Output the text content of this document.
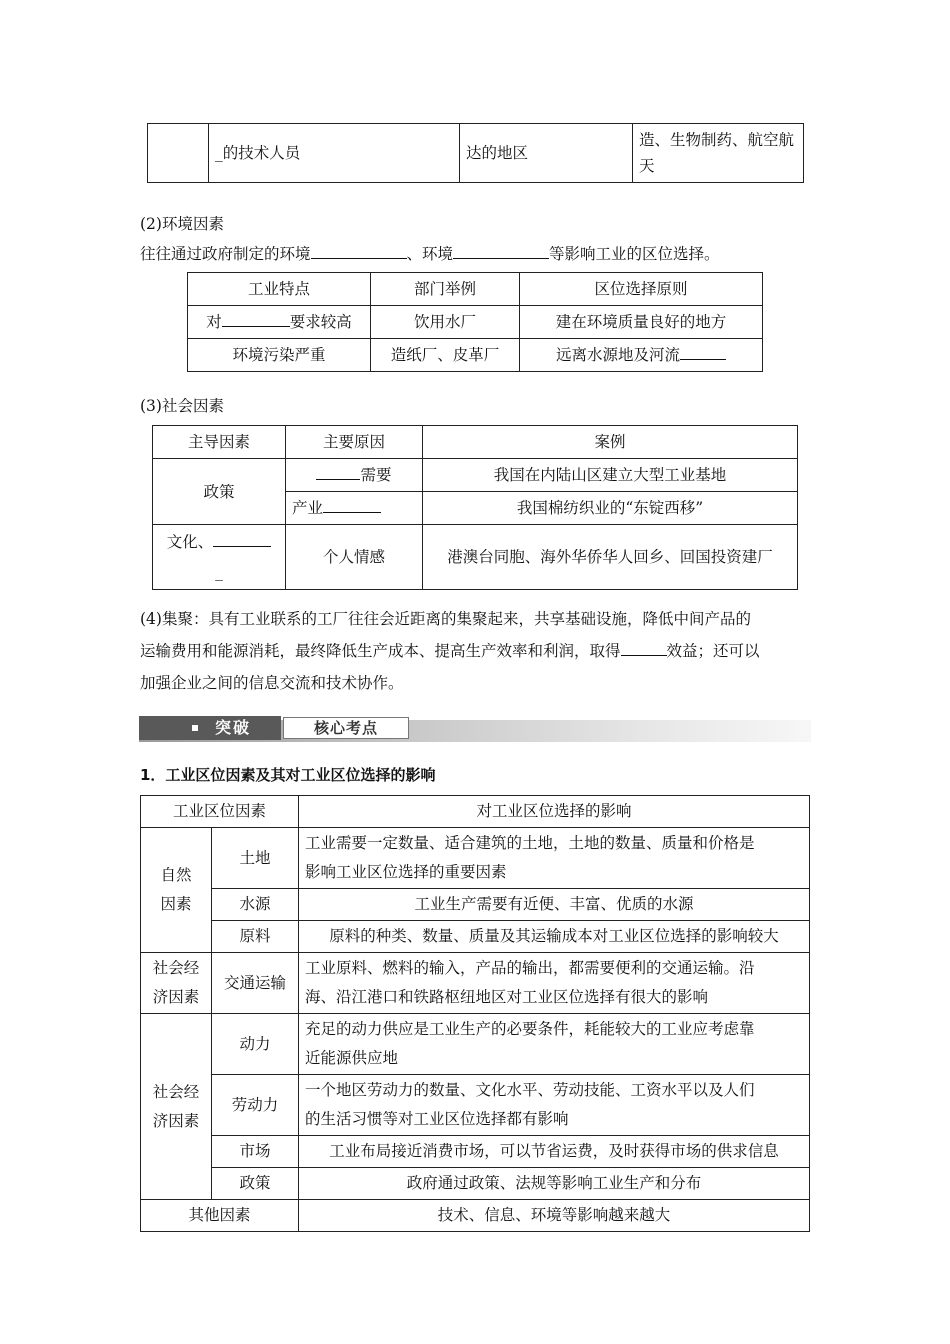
	_的技术人员	达的地区	造、生物制药、航空航天
(2)环境因素
往往通过政府制定的环境	、环境	等影响工业的区位选择。
工业特点	部门举例	区位选择原则
对 要求较高	饮用水厂	建在环境质量良好的地方
环境污染严重	造纸厂、皮革厂	远离水源地及河流
(3)社会因素
主导因素	主要原因	案例
政策	需要	我国在内陆山区建立大型工业基地
	产业	我国棉纺织业的“东锭西移”
文化、
_	个人情感	港澳台同胞、海外华侨华人回乡、回国投资建厂
(4)集聚：具有工业联系的工厂往往会近距离的集聚起来，共享基础设施，降低中间产品的
运输费用和能源消耗，最终降低生产成本、提高生产效率和利润，取得	效益；还可以
加强企业之间的信息交流和技术协作。
突破	核心考点
1．工业区位因素及其对工业区位选择的影响
工业区位因素		对工业区位选择的影响
自然
因素	土地	工业需要一定数量、适合建筑的土地，土地的数量、质量和价格是
影响工业区位选择的重要因素
	水源	工业生产需要有近便、丰富、优质的水源
	原料	原料的种类、数量、质量及其运输成本对工业区位选择的影响较大
社会经
济因素	交通运输	工业原料、燃料的输入，产品的输出，都需要便利的交通运输。沿
海、沿江港口和铁路枢纽地区对工业区位选择有很大的影响
社会经
济因素	动力	充足的动力供应是工业生产的必要条件，耗能较大的工业应考虑靠
近能源供应地
	劳动力	一个地区劳动力的数量、文化水平、劳动技能、工资水平以及人们
的生活习惯等对工业区位选择都有影响
	市场	工业布局接近消费市场，可以节省运费，及时获得市场的供求信息
	政策	政府通过政策、法规等影响工业生产和分布
其他因素		技术、信息、环境等影响越来越大
